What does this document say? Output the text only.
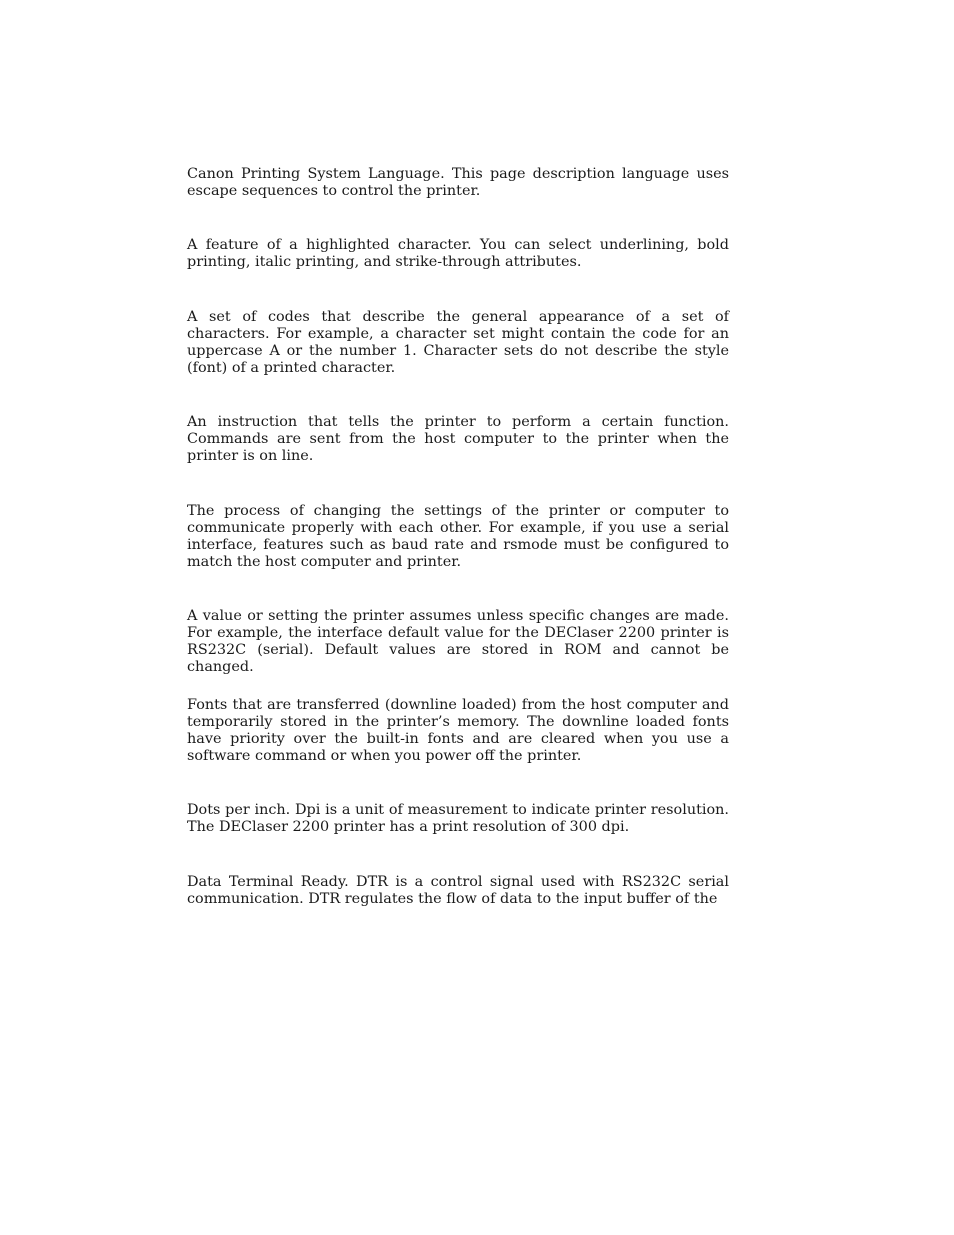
Canon Printing System Language. This page description language uses escape sequences to control the printer.

A feature of a highlighted character. You can select underlining, bold printing, italic printing, and strike-through attributes.

A set of codes that describe the general appearance of a set of characters. For example, a character set might contain the code for an uppercase A or the number 1. Character sets do not describe the style (font) of a printed character.

An instruction that tells the printer to perform a certain function. Commands are sent from the host computer to the printer when the printer is on line.

The process of changing the settings of the printer or computer to communicate properly with each other. For example, if you use a serial interface, features such as baud rate and rsmode must be configured to match the host computer and printer.

A value or setting the printer assumes unless specific changes are made. For example, the interface default value for the DEClaser 2200 printer is RS232C (serial). Default values are stored in ROM and cannot be changed.

Fonts that are transferred (downline loaded) from the host computer and temporarily stored in the printer’s memory. The downline loaded fonts have priority over the built-in fonts and are cleared when you use a software command or when you power off the printer.

Dots per inch. Dpi is a unit of measurement to indicate printer resolution. The DEClaser 2200 printer has a print resolution of 300 dpi.

Data Terminal Ready. DTR is a control signal used with RS232C serial communication. DTR regulates the flow of data to the input buffer of the
